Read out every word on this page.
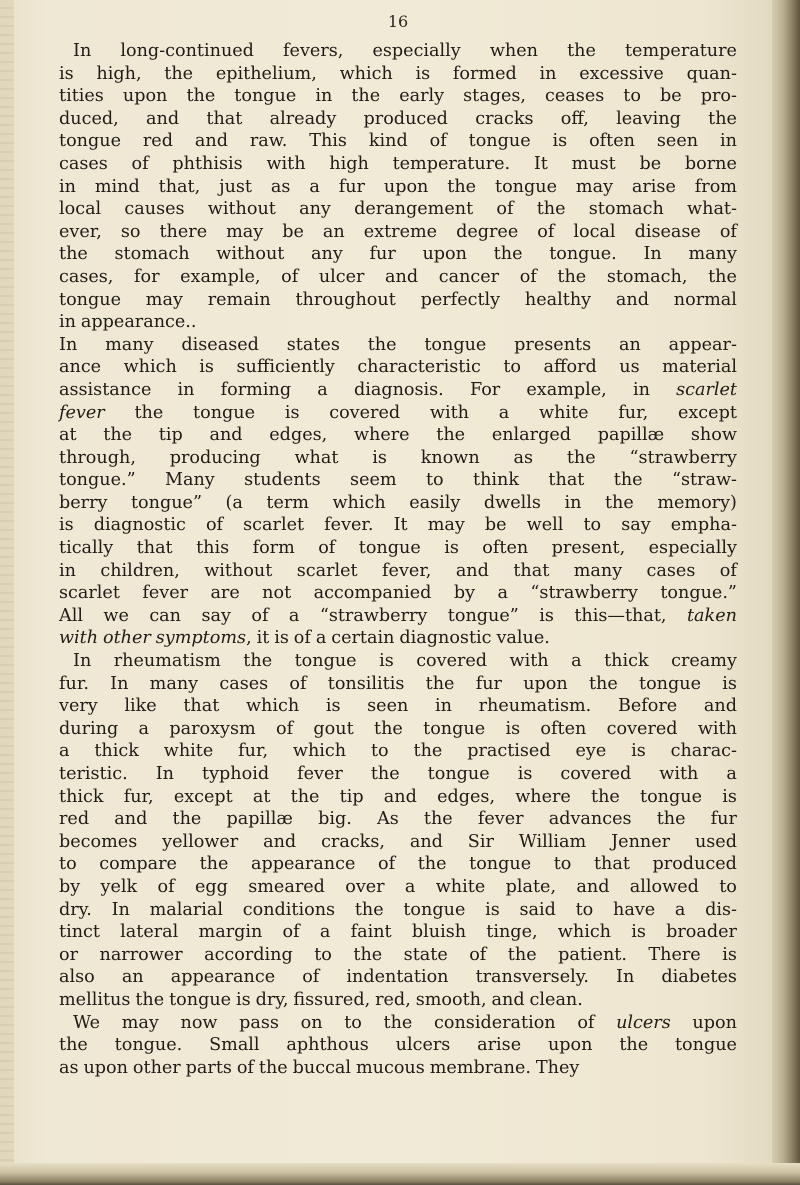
16
In long-continued fevers, especially when the temperature
is high, the epithelium, which is formed in excessive quan-
tities upon the tongue in the early stages, ceases to be pro-
duced, and that already produced cracks off, leaving the
tongue red and raw. This kind of tongue is often seen in
cases of phthisis with high temperature. It must be borne
in mind that, just as a fur upon the tongue may arise from
local causes without any derangement of the stomach what-
ever, so there may be an extreme degree of local disease of
the stomach without any fur upon the tongue. In many
cases, for example, of ulcer and cancer of the stomach, the
tongue may remain throughout perfectly healthy and normal
in appearance..
In many diseased states the tongue presents an appear-
ance which is sufficiently characteristic to afford us material
assistance in forming a diagnosis. For example, in scarlet
fever the tongue is covered with a white fur, except
at the tip and edges, where the enlarged papillæ show
through, producing what is known as the “strawberry
tongue.” Many students seem to think that the “straw-
berry tongue” (a term which easily dwells in the memory)
is diagnostic of scarlet fever. It may be well to say empha-
tically that this form of tongue is often present, especially
in children, without scarlet fever, and that many cases of
scarlet fever are not accompanied by a “strawberry tongue.”
All we can say of a “strawberry tongue” is this—that, taken
with other symptoms, it is of a certain diagnostic value.
In rheumatism the tongue is covered with a thick creamy
fur. In many cases of tonsilitis the fur upon the tongue is
very like that which is seen in rheumatism. Before and
during a paroxysm of gout the tongue is often covered with
a thick white fur, which to the practised eye is charac-
teristic. In typhoid fever the tongue is covered with a
thick fur, except at the tip and edges, where the tongue is
red and the papillæ big. As the fever advances the fur
becomes yellower and cracks, and Sir William Jenner used
to compare the appearance of the tongue to that produced
by yelk of egg smeared over a white plate, and allowed to
dry. In malarial conditions the tongue is said to have a dis-
tinct lateral margin of a faint bluish tinge, which is broader
or narrower according to the state of the patient. There is
also an appearance of indentation transversely. In diabetes
mellitus the tongue is dry, fissured, red, smooth, and clean.
We may now pass on to the consideration of ulcers upon
the tongue. Small aphthous ulcers arise upon the tongue
as upon other parts of the buccal mucous membrane. They
